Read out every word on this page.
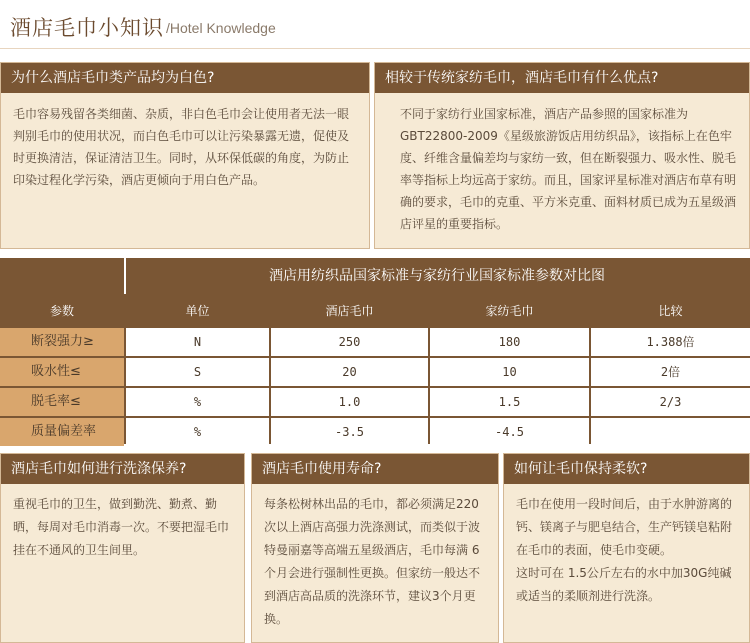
酒店毛巾小知识 /Hotel Knowledge
为什么酒店毛巾类产品均为白色?
毛巾容易残留各类细菌、杂质，非白色毛巾会让使用者无法一眼判别毛巾的使用状况，而白色毛巾可以让污染暴露无遗，促使及时更换清洁，保证清洁卫生。同时，从环保低碳的角度，为防止印染过程化学污染，酒店更倾向于用白色产品。
相较于传统家纺毛巾，酒店毛巾有什么优点?
不同于家纺行业国家标准，酒店产品参照的国家标准为GBT22800-2009《星级旅游饭店用纺织品》，该指标上在色牢度、纤维含量偏差均与家纺一致，但在断裂强力、吸水性、脱毛率等指标上均远高于家纺。而且，国家评星标准对酒店布草有明确的要求，毛巾的克重、平方米克重、面料材质已成为五星级酒店评星的重要指标。
酒店用纺织品国家标准与家纺行业国家标准参数对比图
参数	单位	酒店毛巾	家纺毛巾	比较
断裂强力≥	N	250	180	1.388倍
吸水性≤	S	20	10	2倍
脱毛率≤	%	1.0	1.5	2/3
质量偏差率	%	-3.5	-4.5
酒店毛巾如何进行洗涤保养?
重视毛巾的卫生，做到勤洗、勤煮、勤晒，每周对毛巾消毒一次。不要把湿毛巾挂在不通风的卫生间里。
酒店毛巾使用寿命?
每条松树林出品的毛巾，都必须满足220次以上酒店高强力洗涤测试，而类似于波特曼丽嘉等高端五星级酒店，毛巾每满 6个月会进行强制性更换。但家纺一般达不到酒店高品质的洗涤环节，建议3个月更换。
如何让毛巾保持柔软?
毛巾在使用一段时间后，由于水肿游离的钙、镁离子与肥皂结合，生产钙镁皂粘附在毛巾的表面，使毛巾变硬。
这时可在 1.5公斤左右的水中加30G纯碱或适当的柔顺剂进行洗涤。
